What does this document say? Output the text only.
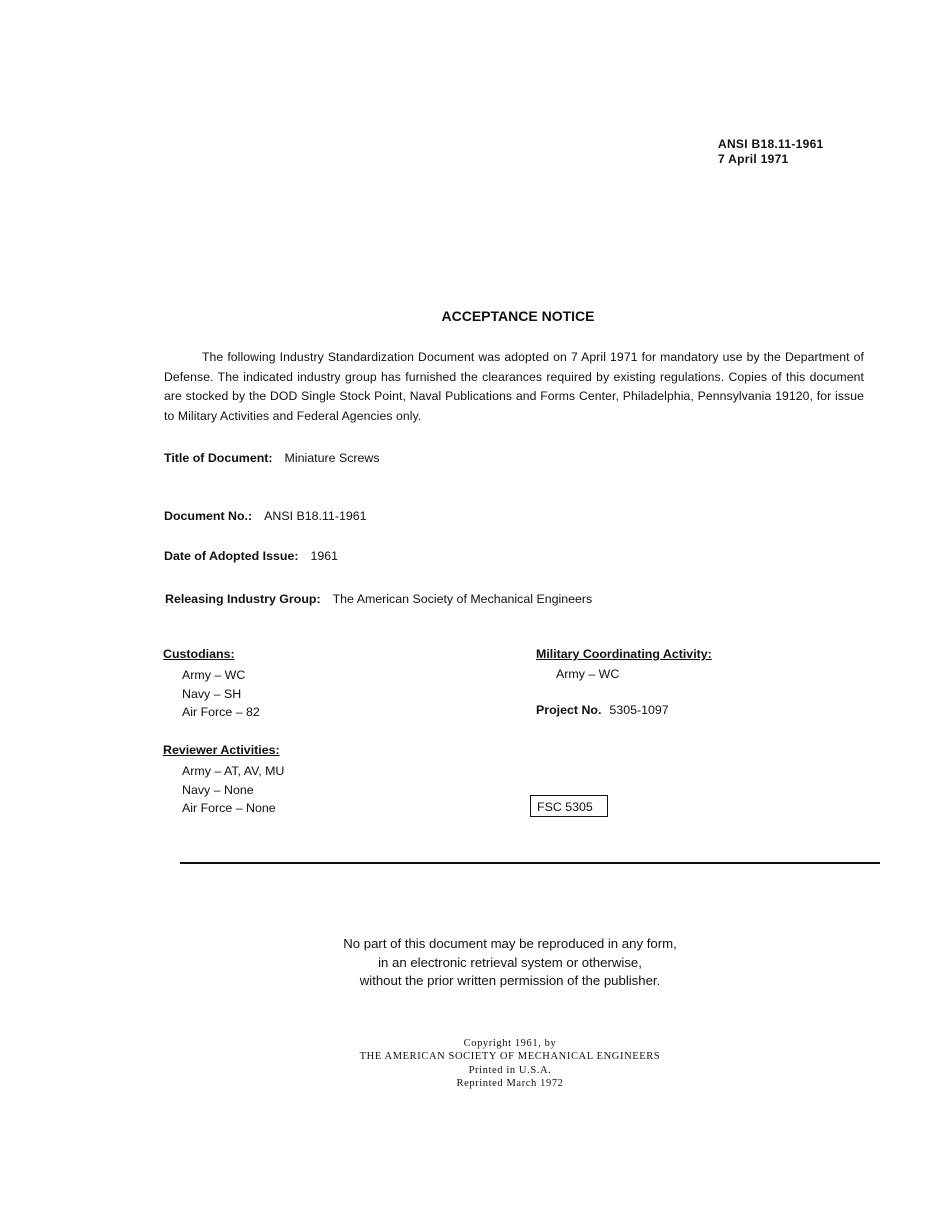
ANSI B18.11-1961
7 April 1971
ACCEPTANCE NOTICE
The following Industry Standardization Document was adopted on 7 April 1971 for mandatory use by the Department of Defense. The indicated industry group has furnished the clearances required by existing regulations. Copies of this document are stocked by the DOD Single Stock Point, Naval Publications and Forms Center, Philadelphia, Pennsylvania 19120, for issue to Military Activities and Federal Agencies only.
Title of Document: Miniature Screws
Document No.: ANSI B18.11-1961
Date of Adopted Issue: 1961
Releasing Industry Group: The American Society of Mechanical Engineers
Custodians:
Army – WC
Navy – SH
Air Force – 82
Reviewer Activities:
Army – AT, AV, MU
Navy – None
Air Force – None
Military Coordinating Activity:
Army – WC
Project No. 5305-1097
FSC 5305
No part of this document may be reproduced in any form,
in an electronic retrieval system or otherwise,
without the prior written permission of the publisher.
Copyright 1961, by
THE AMERICAN SOCIETY OF MECHANICAL ENGINEERS
Printed in U.S.A.
Reprinted March 1972
